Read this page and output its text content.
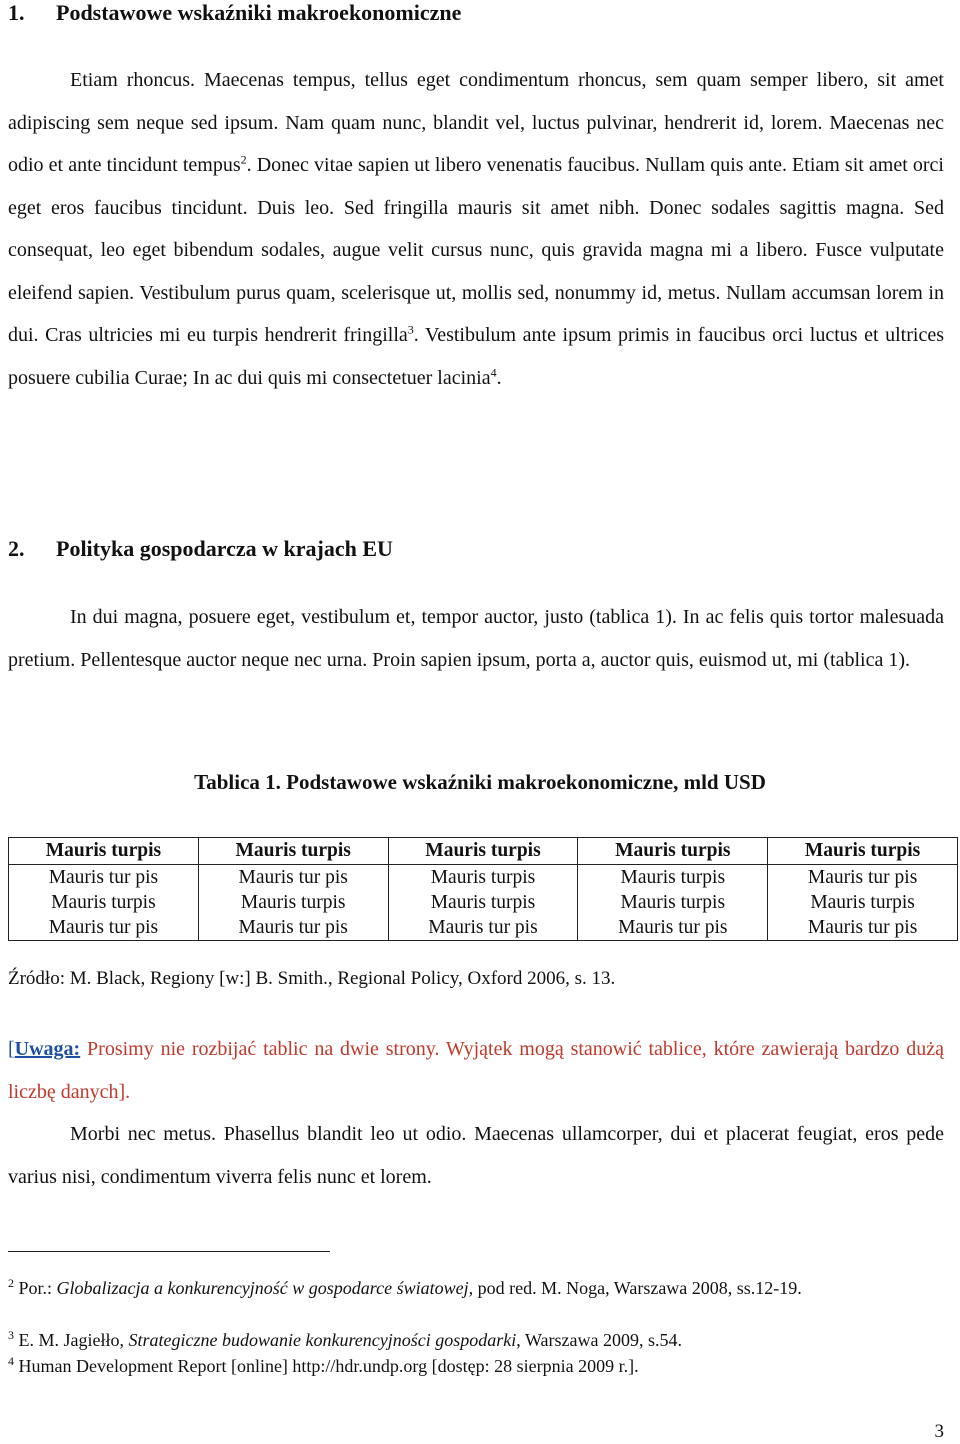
1. Podstawowe wskaźniki makroekonomiczne

Etiam rhoncus. Maecenas tempus, tellus eget condimentum rhoncus, sem quam semper libero, sit amet adipiscing sem neque sed ipsum. Nam quam nunc, blandit vel, luctus pulvinar, hendrerit id, lorem. Maecenas nec odio et ante tincidunt tempus$^2$. Donec vitae sapien ut libero venenatis faucibus. Nullam quis ante. Etiam sit amet orci eget eros faucibus tincidunt. Duis leo. Sed fringilla mauris sit amet nibh. Donec sodales sagittis magna. Sed consequat, leo eget bibendum sodales, augue velit cursus nunc, quis gravida magna mi a libero. Fusce vulputate eleifend sapien. Vestibulum purus quam, scelerisque ut, mollis sed, nonummy id, metus. Nullam accumsan lorem in dui. Cras ultricies mi eu turpis hendrerit fringilla$^3$. Vestibulum ante ipsum primis in faucibus orci luctus et ultrices posuere cubilia Curae; In ac dui quis mi consectetuer lacinia$^4$.

2. Polityka gospodarcza w krajach EU

In dui magna, posuere eget, vestibulum et, tempor auctor, justo (tablica 1). In ac felis quis tortor malesuada pretium. Pellentesque auctor neque nec urna. Proin sapien ipsum, porta a, auctor quis, euismod ut, mi (tablica 1).

Tablica 1. Podstawowe wskaźniki makroekonomiczne, mld USD
Mauris turpis	Mauris turpis	Mauris turpis	Mauris turpis	Mauris turpis
Mauris tur pis	Mauris tur pis	Mauris turpis	Mauris turpis	Mauris tur pis
Mauris turpis	Mauris turpis	Mauris turpis	Mauris turpis	Mauris turpis
Mauris tur pis	Mauris tur pis	Mauris tur pis	Mauris tur pis	Mauris tur pis
Źródło: M. Black, Regiony [w:] B. Smith., Regional Policy, Oxford 2006, s. 13.
[Uwaga: Prosimy nie rozbijać tablic na dwie strony. Wyjątek mogą stanowić tablice, które zawierają bardzo dużą liczbę danych].

Morbi nec metus. Phasellus blandit leo ut odio. Maecenas ullamcorper, dui et placerat feugiat, eros pede varius nisi, condimentum viverra felis nunc et lorem.

$^2$ Por.: Globalizacja a konkurencyjność w gospodarce światowej, pod red. M. Noga, Warszawa 2008, ss.12-19.
$^3$ E. M. Jagiełło, Strategiczne budowanie konkurencyjności gospodarki, Warszawa 2009, s.54.
$^4$ Human Development Report [online] http://hdr.undp.org [dostęp: 28 sierpnia 2009 r.].
3
